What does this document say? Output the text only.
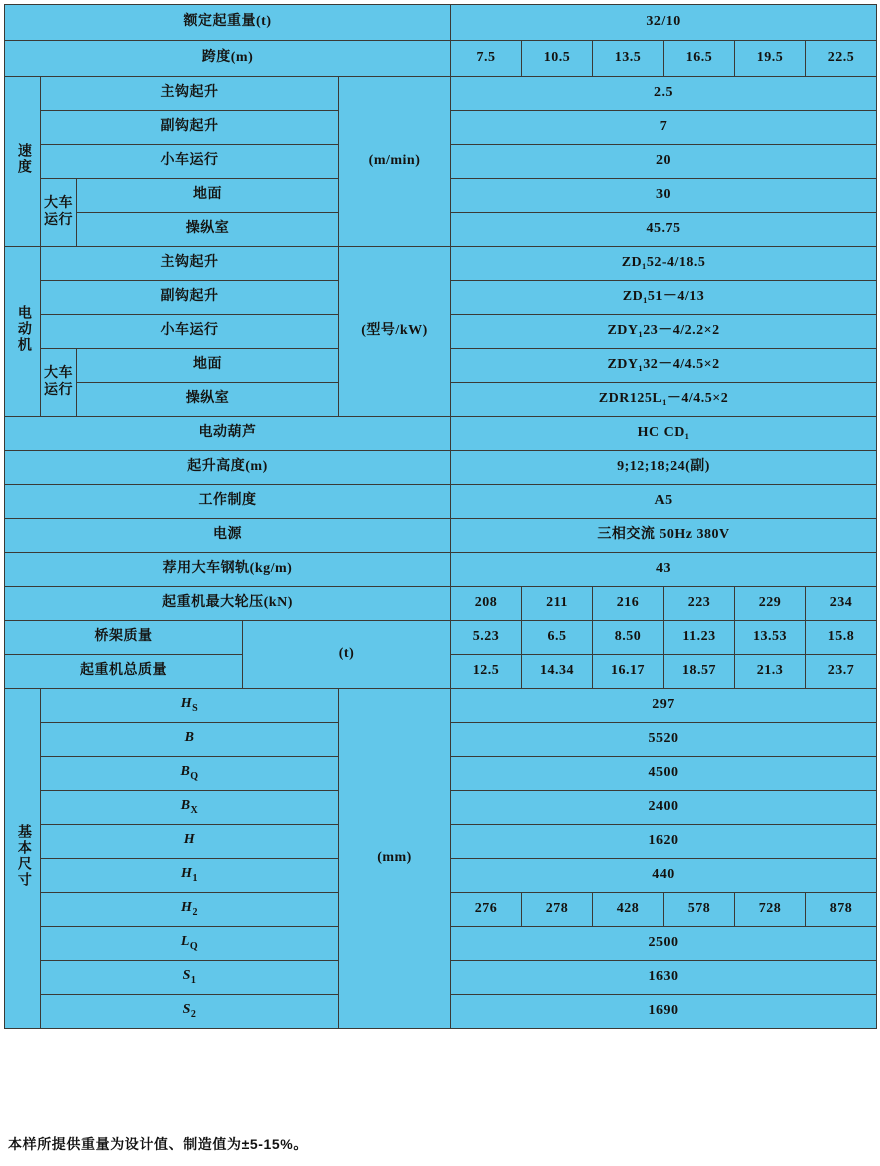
额定起重量(t)					32/10					
跨度(m)					7.5	10.5	13.5	16.5	19.5	22.5
速度	主钩起升			(m/min)	2.5					
	副钩起升				7					
	小车运行				20					
	大车运行	地面			30					
		操纵室			45.75					
电动机	主钩起升			(型号/kW)	ZD₁52-4/18.5					
	副钩起升				ZD₁51－4/13					
	小车运行				ZDY₁23－4/2.2×2					
	大车运行	地面			ZDY₁32－4/4.5×2					
		操纵室			ZDR125L₁－4/4.5×2					
电动葫芦					HC CD₁					
起升高度(m)					9;12;18;24(副)					
工作制度					A5					
电源					三相交流 50Hz 380V					
荐用大车钢轨(kg/m)					43					
起重机最大轮压(kN)					208	211	216	223	229	234
桥架质量			(t)		5.23	6.5	8.50	11.23	13.53	15.8
起重机总质量					12.5	14.34	16.17	18.57	21.3	23.7
基本尺寸	$H_S$			(mm)	297					
	B				5520					
	$B_Q$				4500					
	$B_X$				2400					
	H				1620					
	$H_1$				440					
	$H_2$				276	278	428	578	728	878
	$L_Q$				2500					
	$S_1$				1630					
	$S_2$				1690					
本样所提供重量为设计值、制造值为±5-15%。
